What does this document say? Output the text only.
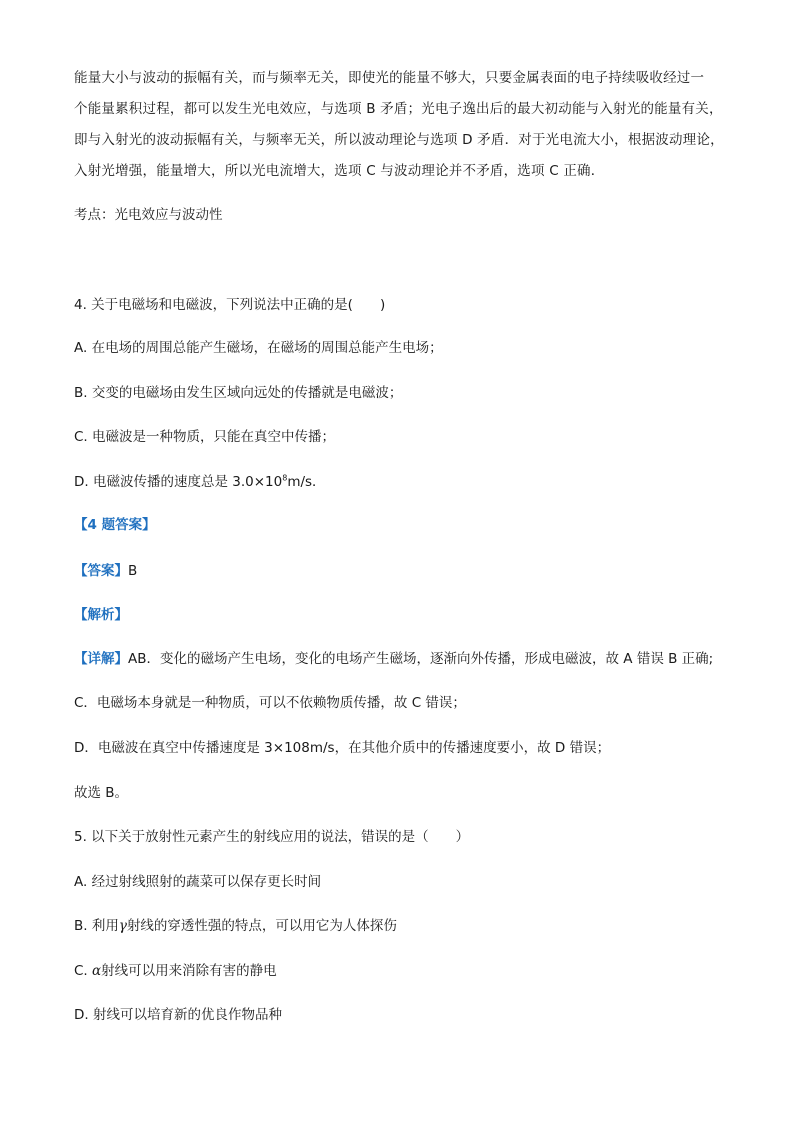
能量大小与波动的振幅有关，而与频率无关，即使光的能量不够大，只要金属表面的电子持续吸收经过一
个能量累积过程，都可以发生光电效应，与选项 B 矛盾；光电子逸出后的最大初动能与入射光的能量有关，
即与入射光的波动振幅有关，与频率无关，所以波动理论与选项 D 矛盾．对于光电流大小，根据波动理论，
入射光增强，能量增大，所以光电流增大，选项 C 与波动理论并不矛盾，选项 C 正确．
考点：光电效应与波动性
4. 关于电磁场和电磁波，下列说法中正确的是(　　)
A. 在电场的周围总能产生磁场，在磁场的周围总能产生电场；
B. 交变的电磁场由发生区域向远处的传播就是电磁波；
C. 电磁波是一种物质，只能在真空中传播；
D. 电磁波传播的速度总是 $3.0\times 10^8m/s$．
【4 题答案】
【答案】B
【解析】
【详解】AB．变化的磁场产生电场，变化的电场产生磁场，逐渐向外传播，形成电磁波，故 A 错误 B 正确;
C．电磁场本身就是一种物质，可以不依赖物质传播，故 C 错误；
D．电磁波在真空中传播速度是 3×108m/s，在其他介质中的传播速度要小，故 D 错误；
故选 B。
5. 以下关于放射性元素产生的射线应用的说法，错误的是（　　）
A. 经过射线照射的蔬菜可以保存更长时间
B. 利用γ射线的穿透性强的特点，可以用它为人体探伤
C. α射线可以用来消除有害的静电
D. 射线可以培育新的优良作物品种
